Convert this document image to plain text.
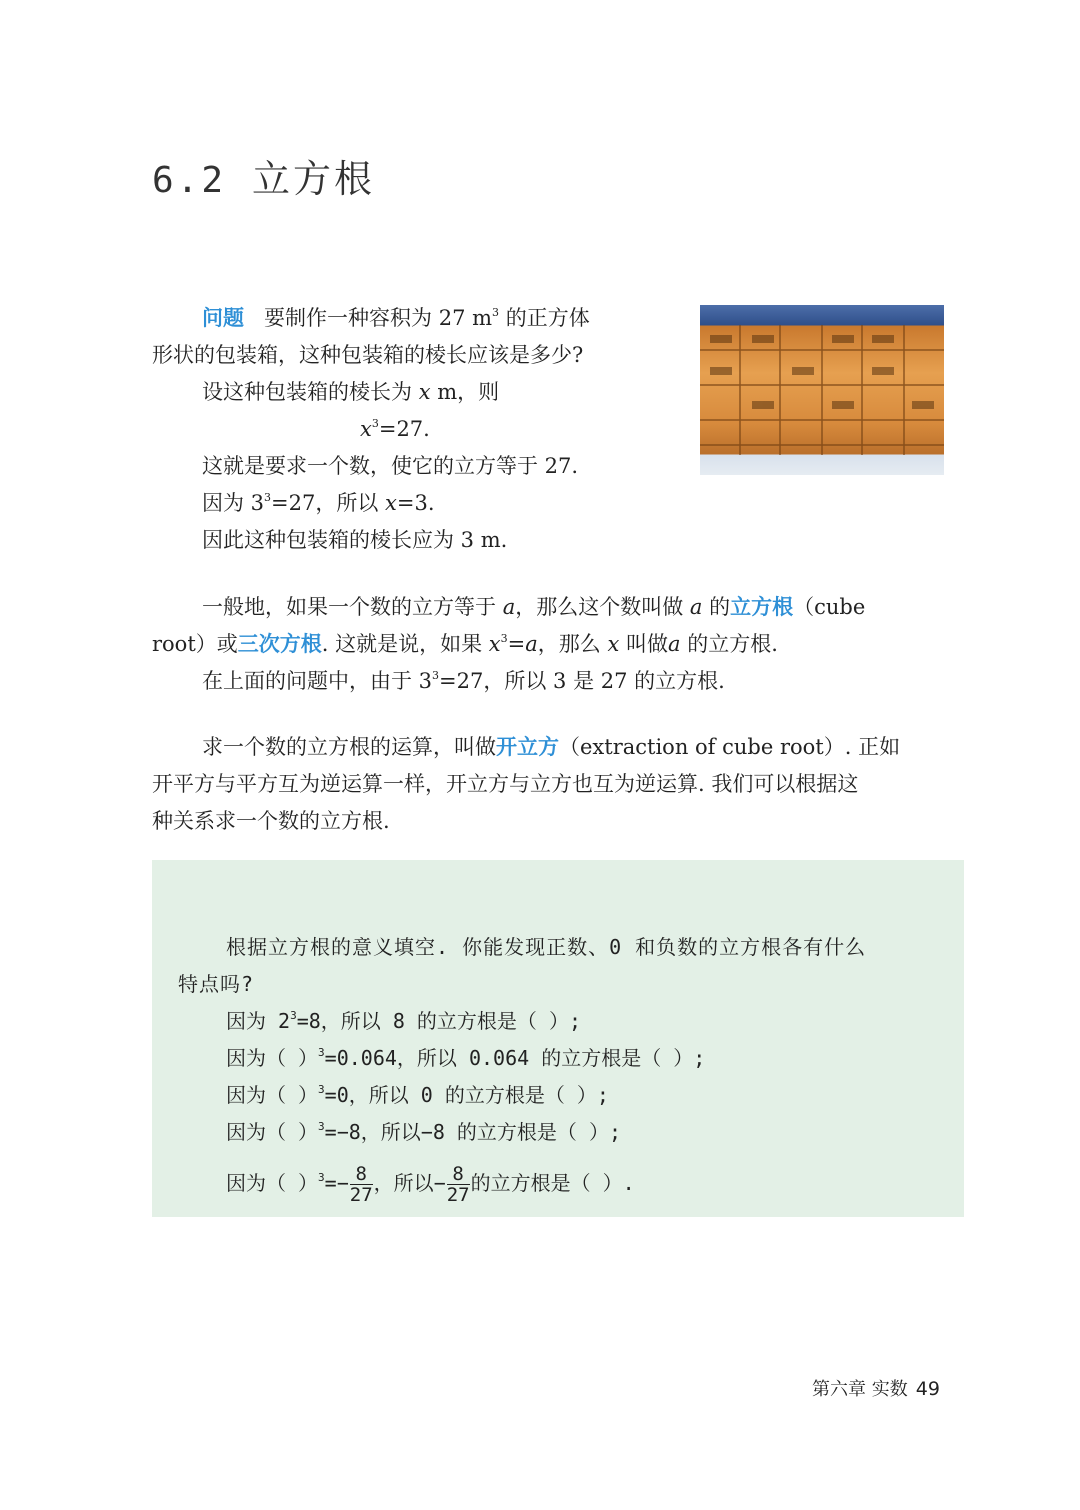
6.2 立方根
问题 要制作一种容积为 27 $m^3$ 的正方体
形状的包装箱，这种包装箱的棱长应该是多少?
设这种包装箱的棱长为 x m，则
$x^3=27$.
这就是要求一个数，使它的立方等于 27.
因为 $3^3=27$，所以 x=3.
因此这种包装箱的棱长应为 3 m.
一般地，如果一个数的立方等于 a，那么这个数叫做 a 的立方根（cube
root）或三次方根. 这就是说，如果 $x^3=a$，那么 x 叫做a 的立方根.
在上面的问题中，由于 $3^3=27$，所以 3 是 27 的立方根.
求一个数的立方根的运算，叫做开立方（extraction of cube root）. 正如
开平方与平方互为逆运算一样，开立方与立方也互为逆运算. 我们可以根据这
种关系求一个数的立方根.
根据立方根的意义填空. 你能发现正数、0 和负数的立方根各有什么
特点吗?
因为 $2^3=8$，所以 8 的立方根是（ ）;
因为（ ）$^3$=0.064，所以 0.064 的立方根是（ ）;
因为（ ）$^3$=0，所以 0 的立方根是（ ）;
因为（ ）$^3$=−8，所以−8 的立方根是（ ）;
因为（ ）$^3=- \frac{8}{27}$ ，所以− $\frac{8}{27}$ 的立方根是（ ）.
第六章 实数 49
